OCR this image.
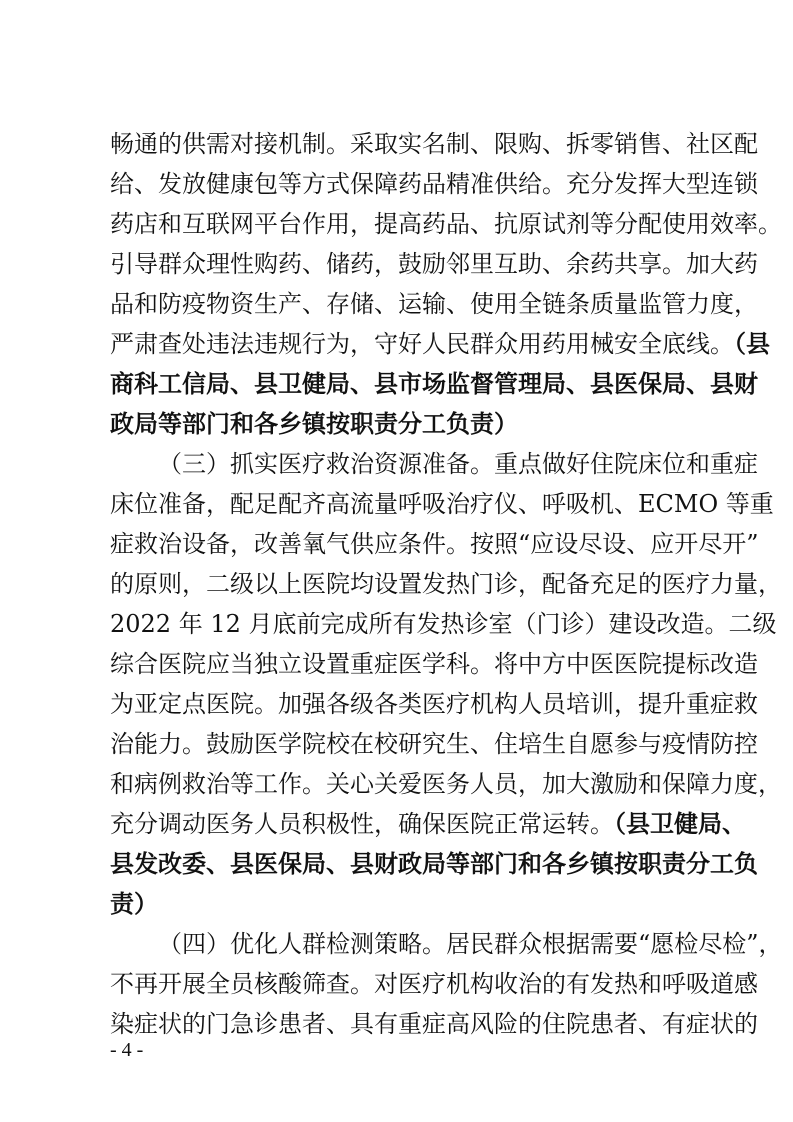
畅通的供需对接机制。采取实名制、限购、拆零销售、社区配
给、发放健康包等方式保障药品精准供给。充分发挥大型连锁
药店和互联网平台作用，提高药品、抗原试剂等分配使用效率。
引导群众理性购药、储药，鼓励邻里互助、余药共享。加大药
品和防疫物资生产、存储、运输、使用全链条质量监管力度，
严肃查处违法违规行为，守好人民群众用药用械安全底线。（县
商科工信局、县卫健局、县市场监督管理局、县医保局、县财
政局等部门和各乡镇按职责分工负责）
（三）抓实医疗救治资源准备。重点做好住院床位和重症
床位准备，配足配齐高流量呼吸治疗仪、呼吸机、ECMO 等重
症救治设备，改善氧气供应条件。按照“应设尽设、应开尽开”
的原则，二级以上医院均设置发热门诊，配备充足的医疗力量，
2022 年 12 月底前完成所有发热诊室（门诊）建设改造。二级
综合医院应当独立设置重症医学科。将中方中医医院提标改造
为亚定点医院。加强各级各类医疗机构人员培训，提升重症救
治能力。鼓励医学院校在校研究生、住培生自愿参与疫情防控
和病例救治等工作。关心关爱医务人员，加大激励和保障力度，
充分调动医务人员积极性，确保医院正常运转。（县卫健局、
县发改委、县医保局、县财政局等部门和各乡镇按职责分工负
责）
（四）优化人群检测策略。居民群众根据需要“愿检尽检”，
不再开展全员核酸筛查。对医疗机构收治的有发热和呼吸道感
染症状的门急诊患者、具有重症高风险的住院患者、有症状的
- 4 -
